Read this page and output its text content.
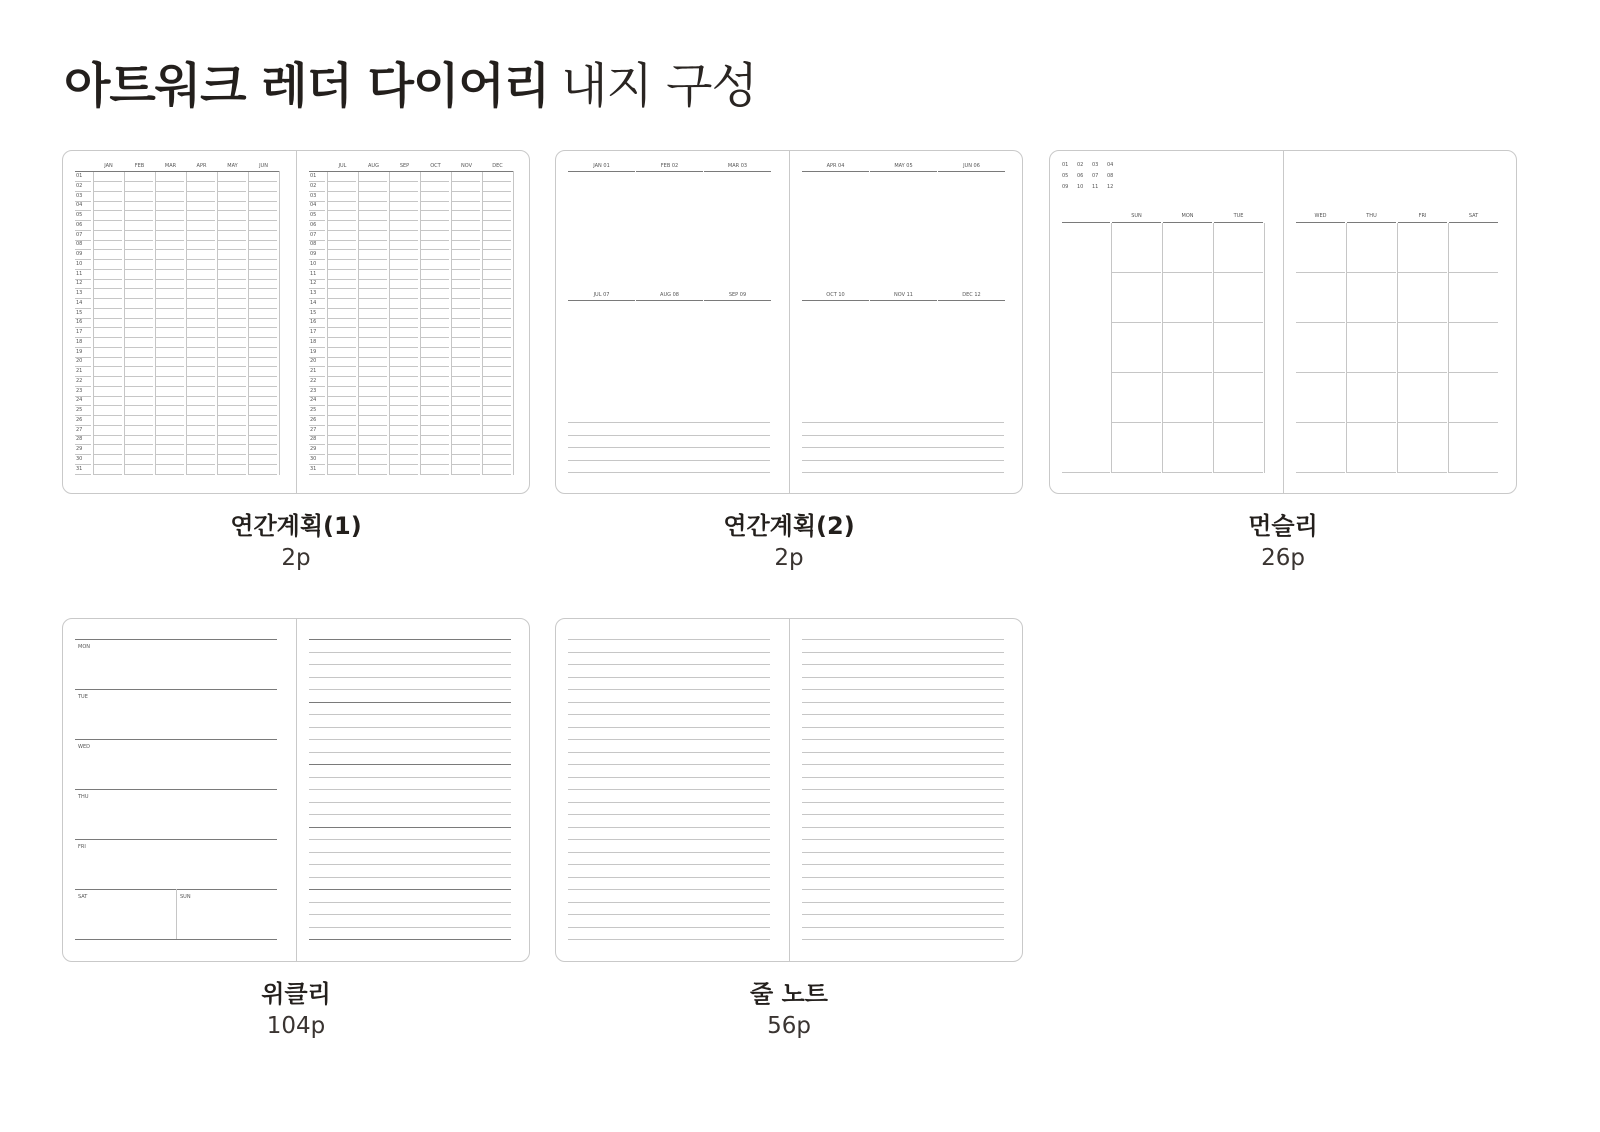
아트워크 레더 다이어리 내지 구성
JAN	FEB	MAR	APR	MAY	JUN
01
02
03
04
05
06
07
08
09
10
11
12
13
14
15
16
17
18
19
20
21
22
23
24
25
26
27
28
29
30
31
JUL	AUG	SEP	OCT	NOV	DEC
01
02
03
04
05
06
07
08
09
10
11
12
13
14
15
16
17
18
19
20
21
22
23
24
25
26
27
28
29
30
31
연간계획(1)
2p
JAN 01	FEB 02	MAR 03
JUL 07	AUG 08	SEP 09
APR 04	MAY 05	JUN 06
OCT 10	NOV 11	DEC 12
연간계획(2)
2p
01	02	03	04
05	06	07	08
09	10	11	12
SUN	MON	TUE	WED	THU	FRI	SAT
먼슬리
26p
MON
TUE
WED
THU
FRI
SAT	SUN
위클리
104p
줄 노트
56p
